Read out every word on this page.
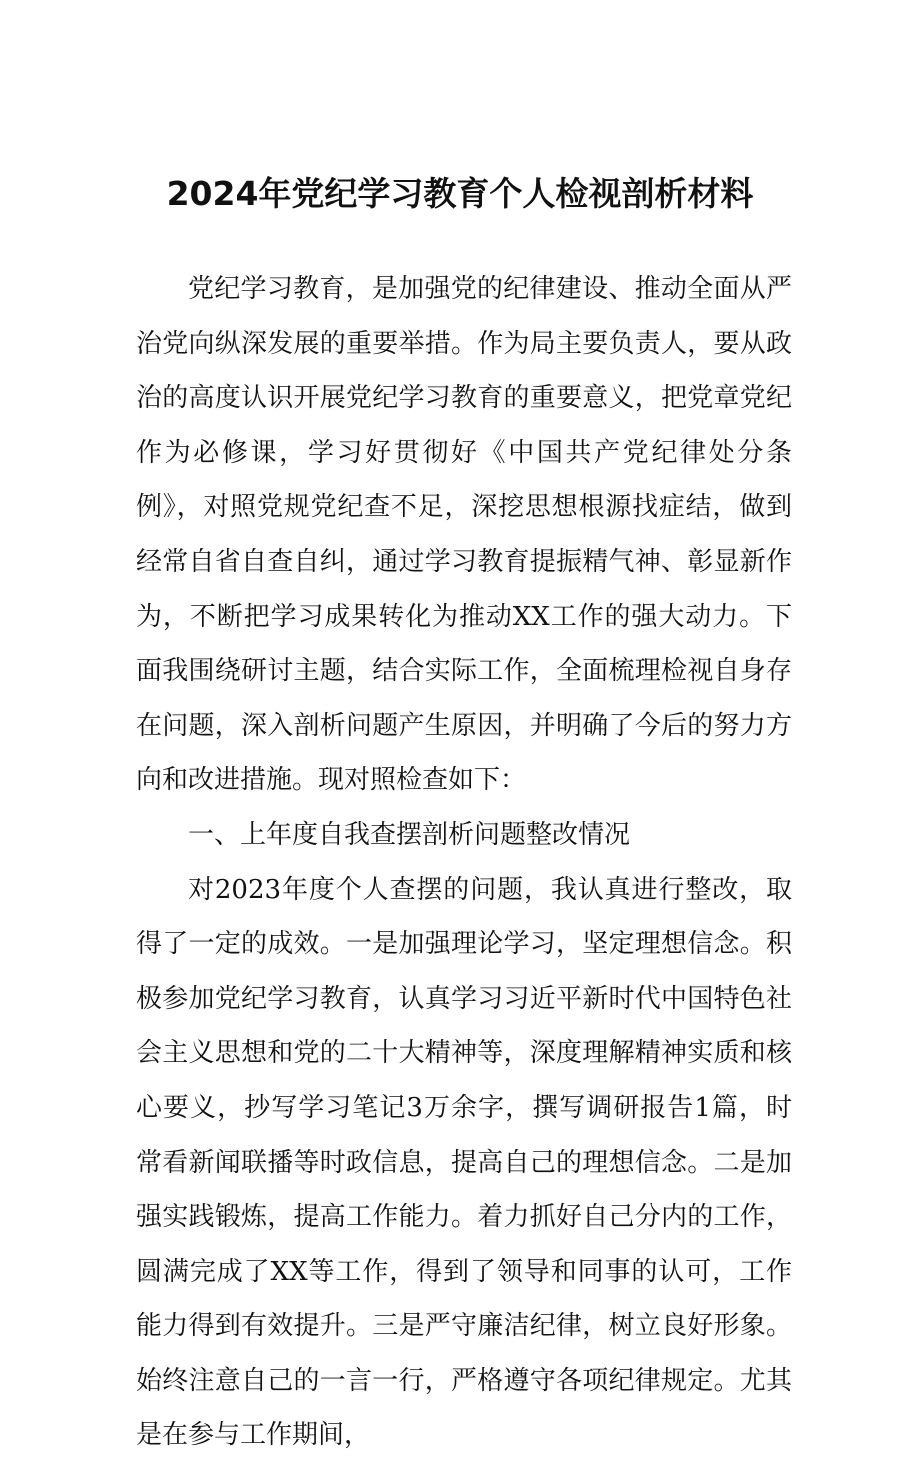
2024年党纪学习教育个人检视剖析材料

党纪学习教育，是加强党的纪律建设、推动全面从严治党向纵深发展的重要举措。作为局主要负责人，要从政治的高度认识开展党纪学习教育的重要意义，把党章党纪作为必修课，学习好贯彻好《中国共产党纪律处分条例》，对照党规党纪查不足，深挖思想根源找症结，做到经常自省自查自纠，通过学习教育提振精气神、彰显新作为，不断把学习成果转化为推动XX工作的强大动力。下面我围绕研讨主题，结合实际工作，全面梳理检视自身存在问题，深入剖析问题产生原因，并明确了今后的努力方向和改进措施。现对照检查如下：

一、上年度自我查摆剖析问题整改情况

对2023年度个人查摆的问题，我认真进行整改，取得了一定的成效。一是加强理论学习，坚定理想信念。积极参加党纪学习教育，认真学习习近平新时代中国特色社会主义思想和党的二十大精神等，深度理解精神实质和核心要义，抄写学习笔记3万余字，撰写调研报告1篇，时常看新闻联播等时政信息，提高自己的理想信念。二是加强实践锻炼，提高工作能力。着力抓好自己分内的工作，圆满完成了XX等工作，得到了领导和同事的认可，工作能力得到有效提升。三是严守廉洁纪律，树立良好形象。始终注意自己的一言一行，严格遵守各项纪律规定。尤其是在参与工作期间，
